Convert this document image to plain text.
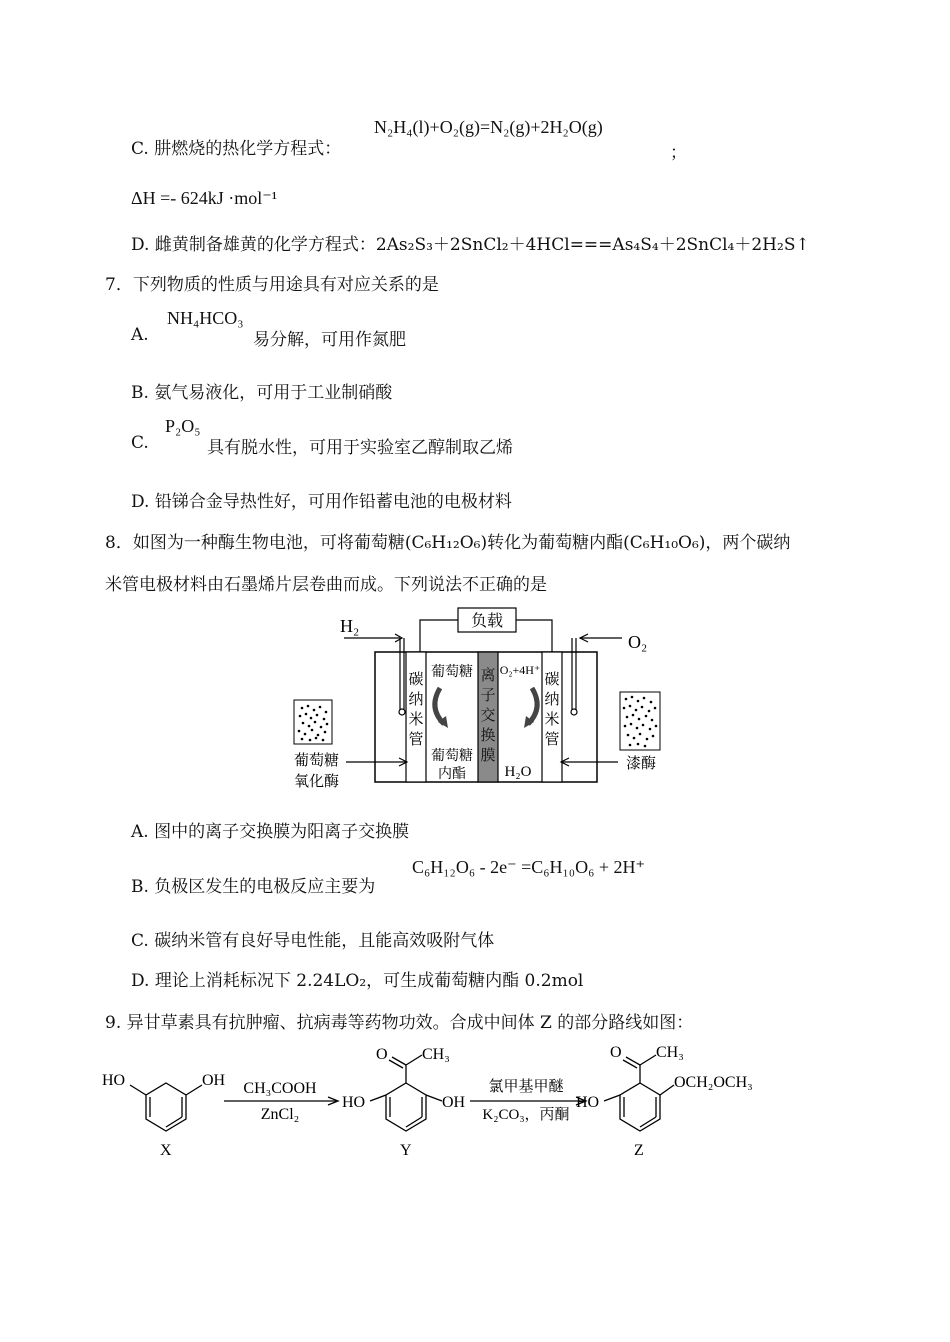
C. 肼燃烧的热化学方程式：
N₂H₄(l)+O₂(g)=N₂(g)+2H₂O(g)
；
ΔH =- 624kJ ·mol⁻¹
D. 雌黄制备雄黄的化学方程式：2As₂S₃＋2SnCl₂＋4HCl===As₄S₄＋2SnCl₄＋2H₂S↑
7．下列物质的性质与用途具有对应关系的是
A.
NH₄HCO₃
易分解，可用作氮肥
B. 氨气易液化，可用于工业制硝酸
C.
P₂O₅
具有脱水性，可用于实验室乙醇制取乙烯
D. 铅锑合金导热性好，可用作铅蓄电池的电极材料
8．如图为一种酶生物电池，可将葡萄糖(C₆H₁₂O₆)转化为葡萄糖内酯(C₆H₁₀O₆)，两个碳纳
米管电极材料由石墨烯片层卷曲而成。下列说法不正确的是
负载
H₂
O₂
碳
纳
米
管
离
子
交
换
膜
碳
纳
米
管
葡萄糖
葡萄糖
内酯
O₂+4H⁺
H₂O
葡萄糖
氧化酶
漆酶
A. 图中的离子交换膜为阳离子交换膜
B. 负极区发生的电极反应主要为
C₆H₁₂O₆ - 2e⁻ =C₆H₁₀O₆ + 2H⁺
C. 碳纳米管有良好导电性能，且能高效吸附气体
D. 理论上消耗标况下 2.24LO₂，可生成葡萄糖内酯 0.2mol
9. 异甘草素具有抗肿瘤、抗病毒等药物功效。合成中间体 Z 的部分路线如图：
HO	OH
X
CH₃COOH
ZnCl₂
O CH₃
HO	OH
Y
氯甲基甲醚
K₂CO₃，丙酮
O CH₃
HO
OCH₂OCH₃
Z
